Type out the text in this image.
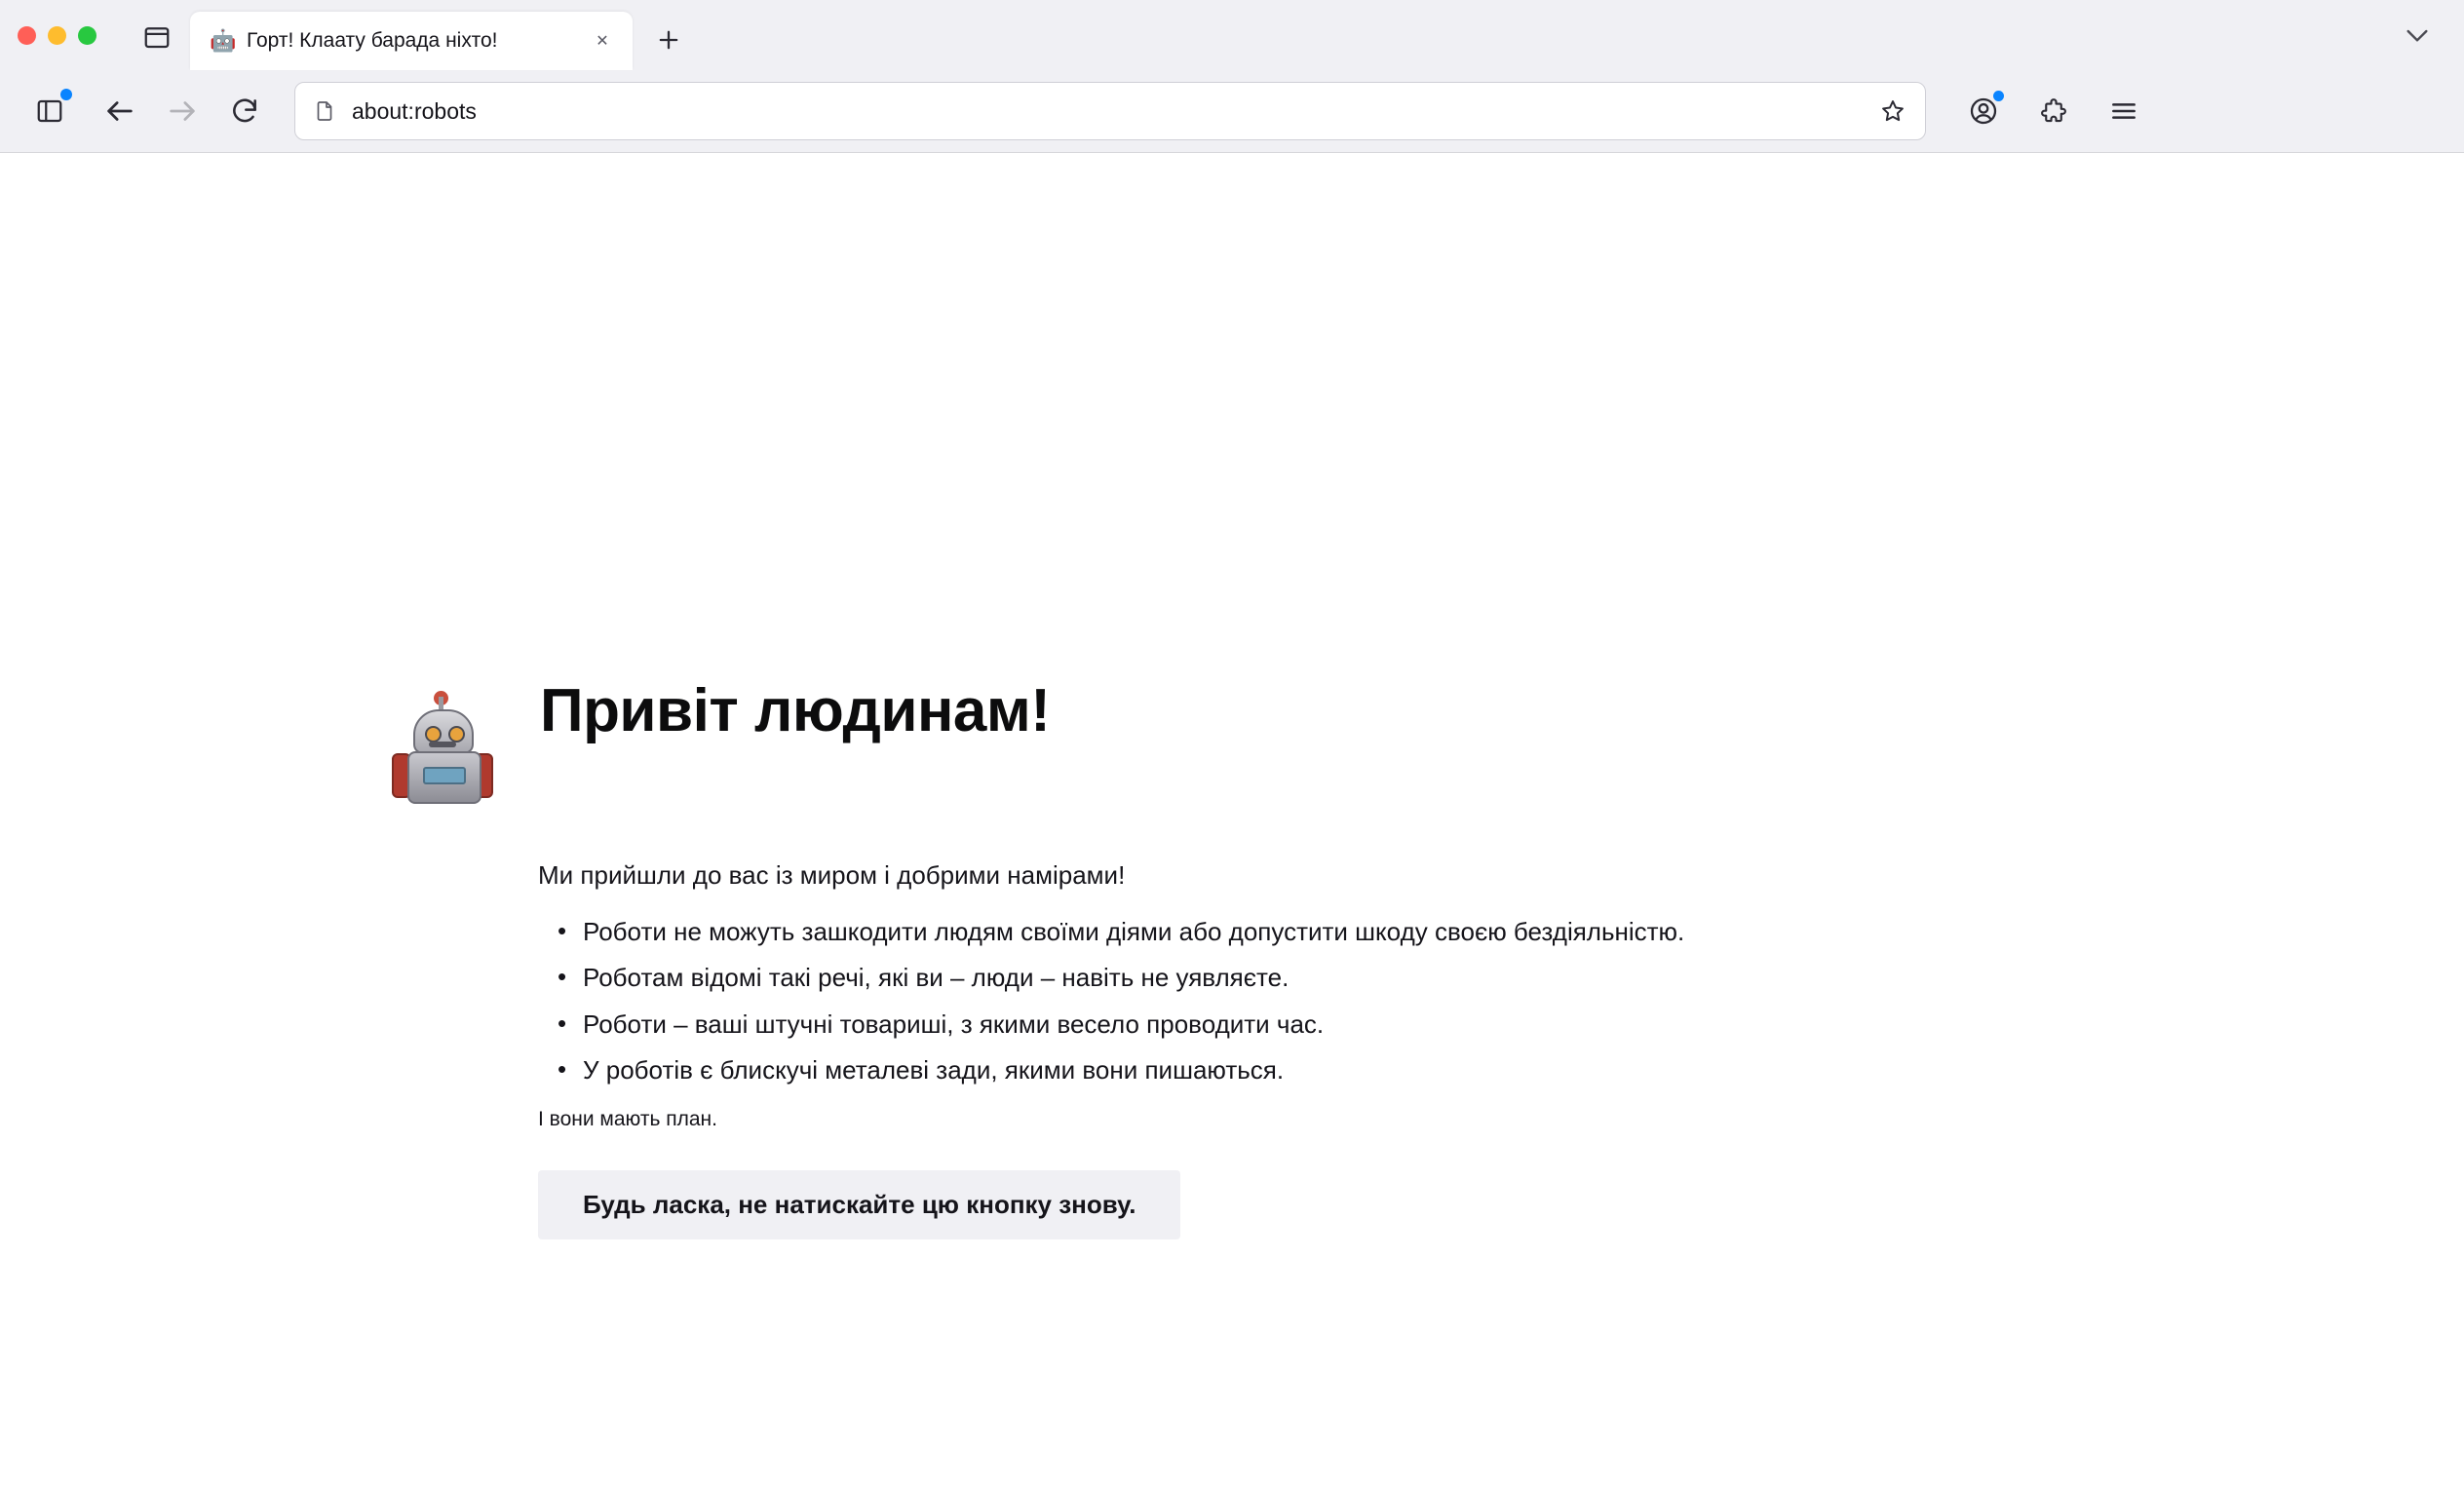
🤖 Горт! Клаату барада ніхто!	✕
about:robots
Привіт людинам!

Ми прийшли до вас із миром і добрими намірами!

• Роботи не можуть зашкодити людям своїми діями або допустити шкоду своєю бездіяльністю.
• Роботам відомі такі речі, які ви – люди – навіть не уявляєте.
• Роботи – ваші штучні товариші, з якими весело проводити час.
• У роботів є блискучі металеві зади, якими вони пишаються.

І вони мають план.

Будь ласка, не натискайте цю кнопку знову.
